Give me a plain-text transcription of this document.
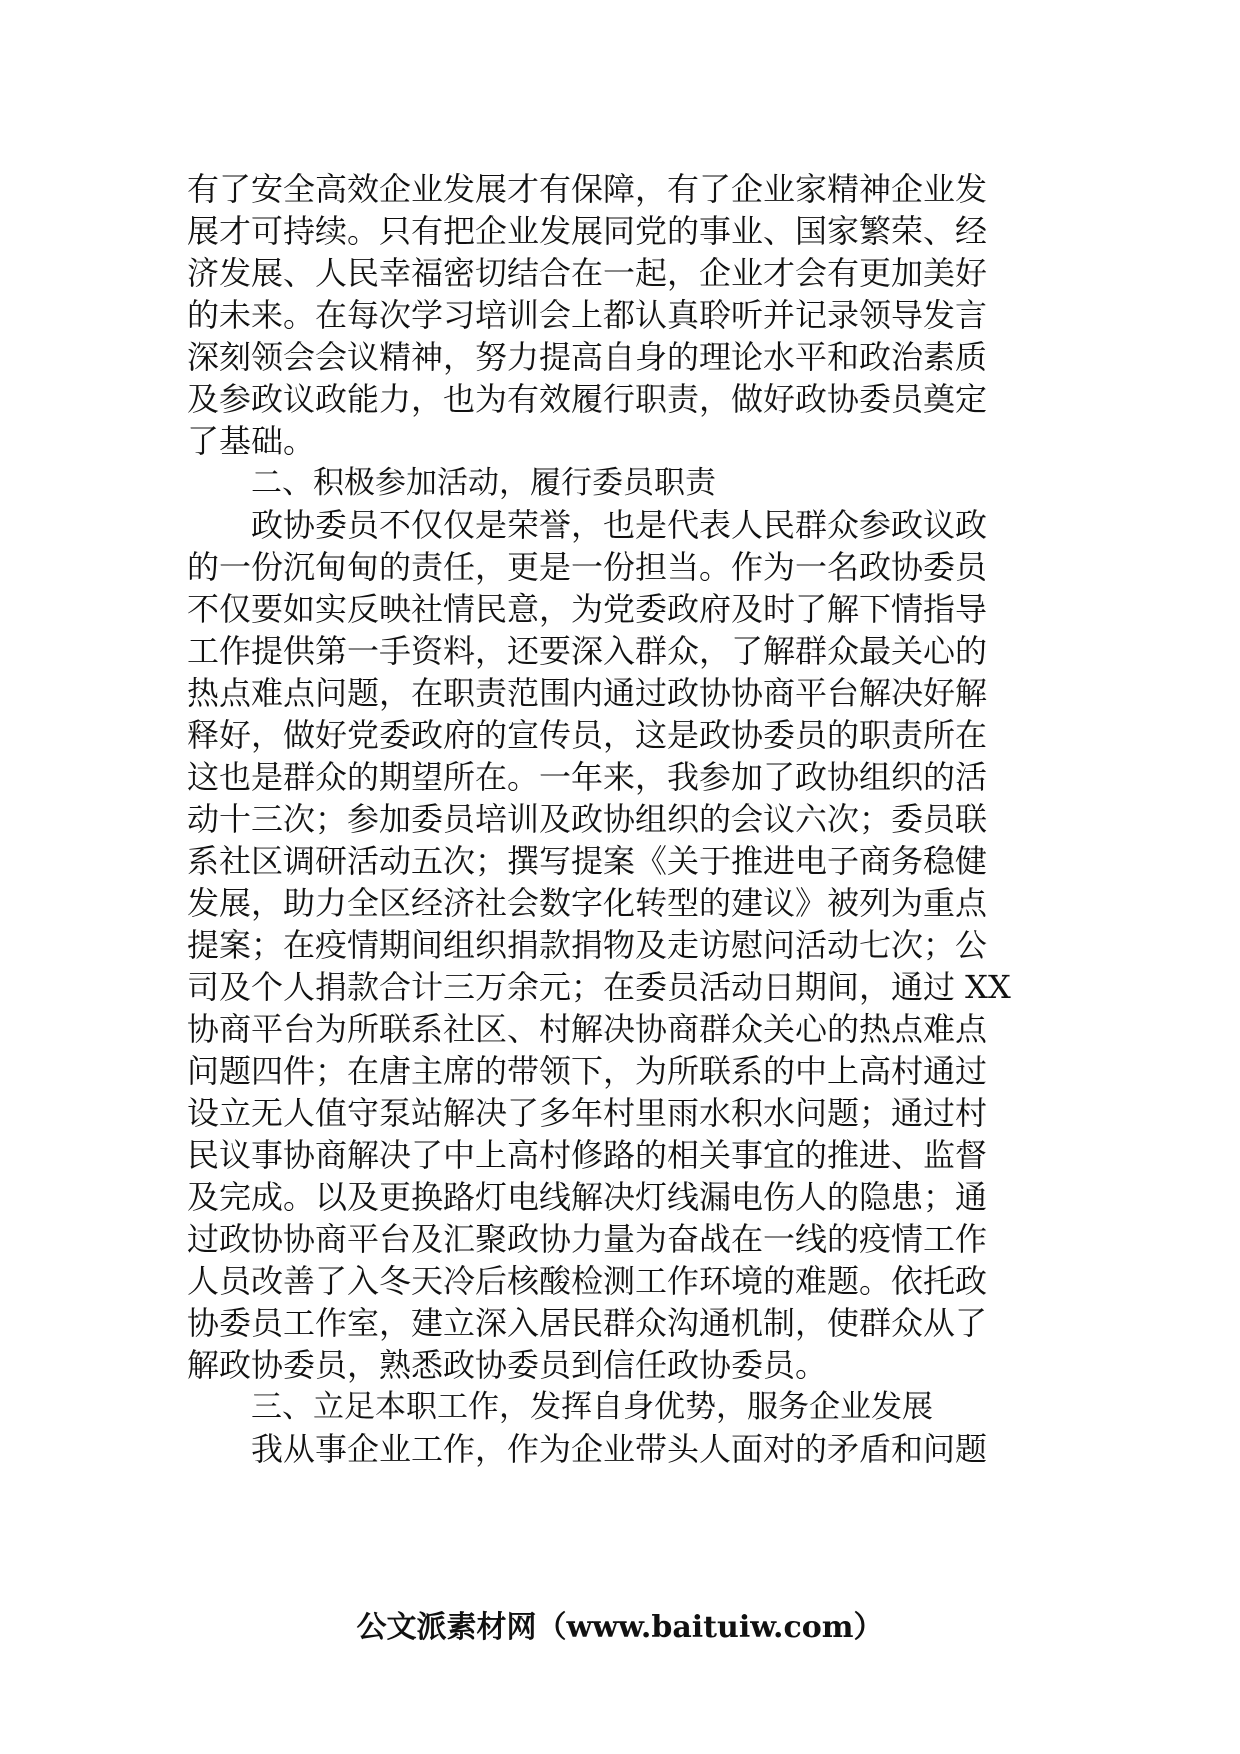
有了安全高效企业发展才有保障，有了企业家精神企业发
展才可持续。只有把企业发展同党的事业、国家繁荣、经
济发展、人民幸福密切结合在一起，企业才会有更加美好
的未来。在每次学习培训会上都认真聆听并记录领导发言
深刻领会会议精神，努力提高自身的理论水平和政治素质
及参政议政能力，也为有效履行职责，做好政协委员奠定
了基础。
二、积极参加活动，履行委员职责
政协委员不仅仅是荣誉，也是代表人民群众参政议政
的一份沉甸甸的责任，更是一份担当。作为一名政协委员
不仅要如实反映社情民意，为党委政府及时了解下情指导
工作提供第一手资料，还要深入群众，了解群众最关心的
热点难点问题，在职责范围内通过政协协商平台解决好解
释好，做好党委政府的宣传员，这是政协委员的职责所在
这也是群众的期望所在。一年来，我参加了政协组织的活
动十三次；参加委员培训及政协组织的会议六次；委员联
系社区调研活动五次；撰写提案《关于推进电子商务稳健
发展，助力全区经济社会数字化转型的建议》被列为重点
提案；在疫情期间组织捐款捐物及走访慰问活动七次；公
司及个人捐款合计三万余元；在委员活动日期间，通过 XX
协商平台为所联系社区、村解决协商群众关心的热点难点
问题四件；在唐主席的带领下，为所联系的中上高村通过
设立无人值守泵站解决了多年村里雨水积水问题；通过村
民议事协商解决了中上高村修路的相关事宜的推进、监督
及完成。以及更换路灯电线解决灯线漏电伤人的隐患；通
过政协协商平台及汇聚政协力量为奋战在一线的疫情工作
人员改善了入冬天冷后核酸检测工作环境的难题。依托政
协委员工作室，建立深入居民群众沟通机制，使群众从了
解政协委员，熟悉政协委员到信任政协委员。
三、立足本职工作，发挥自身优势，服务企业发展
我从事企业工作，作为企业带头人面对的矛盾和问题
公文派素材网（www.baituiw.com）
